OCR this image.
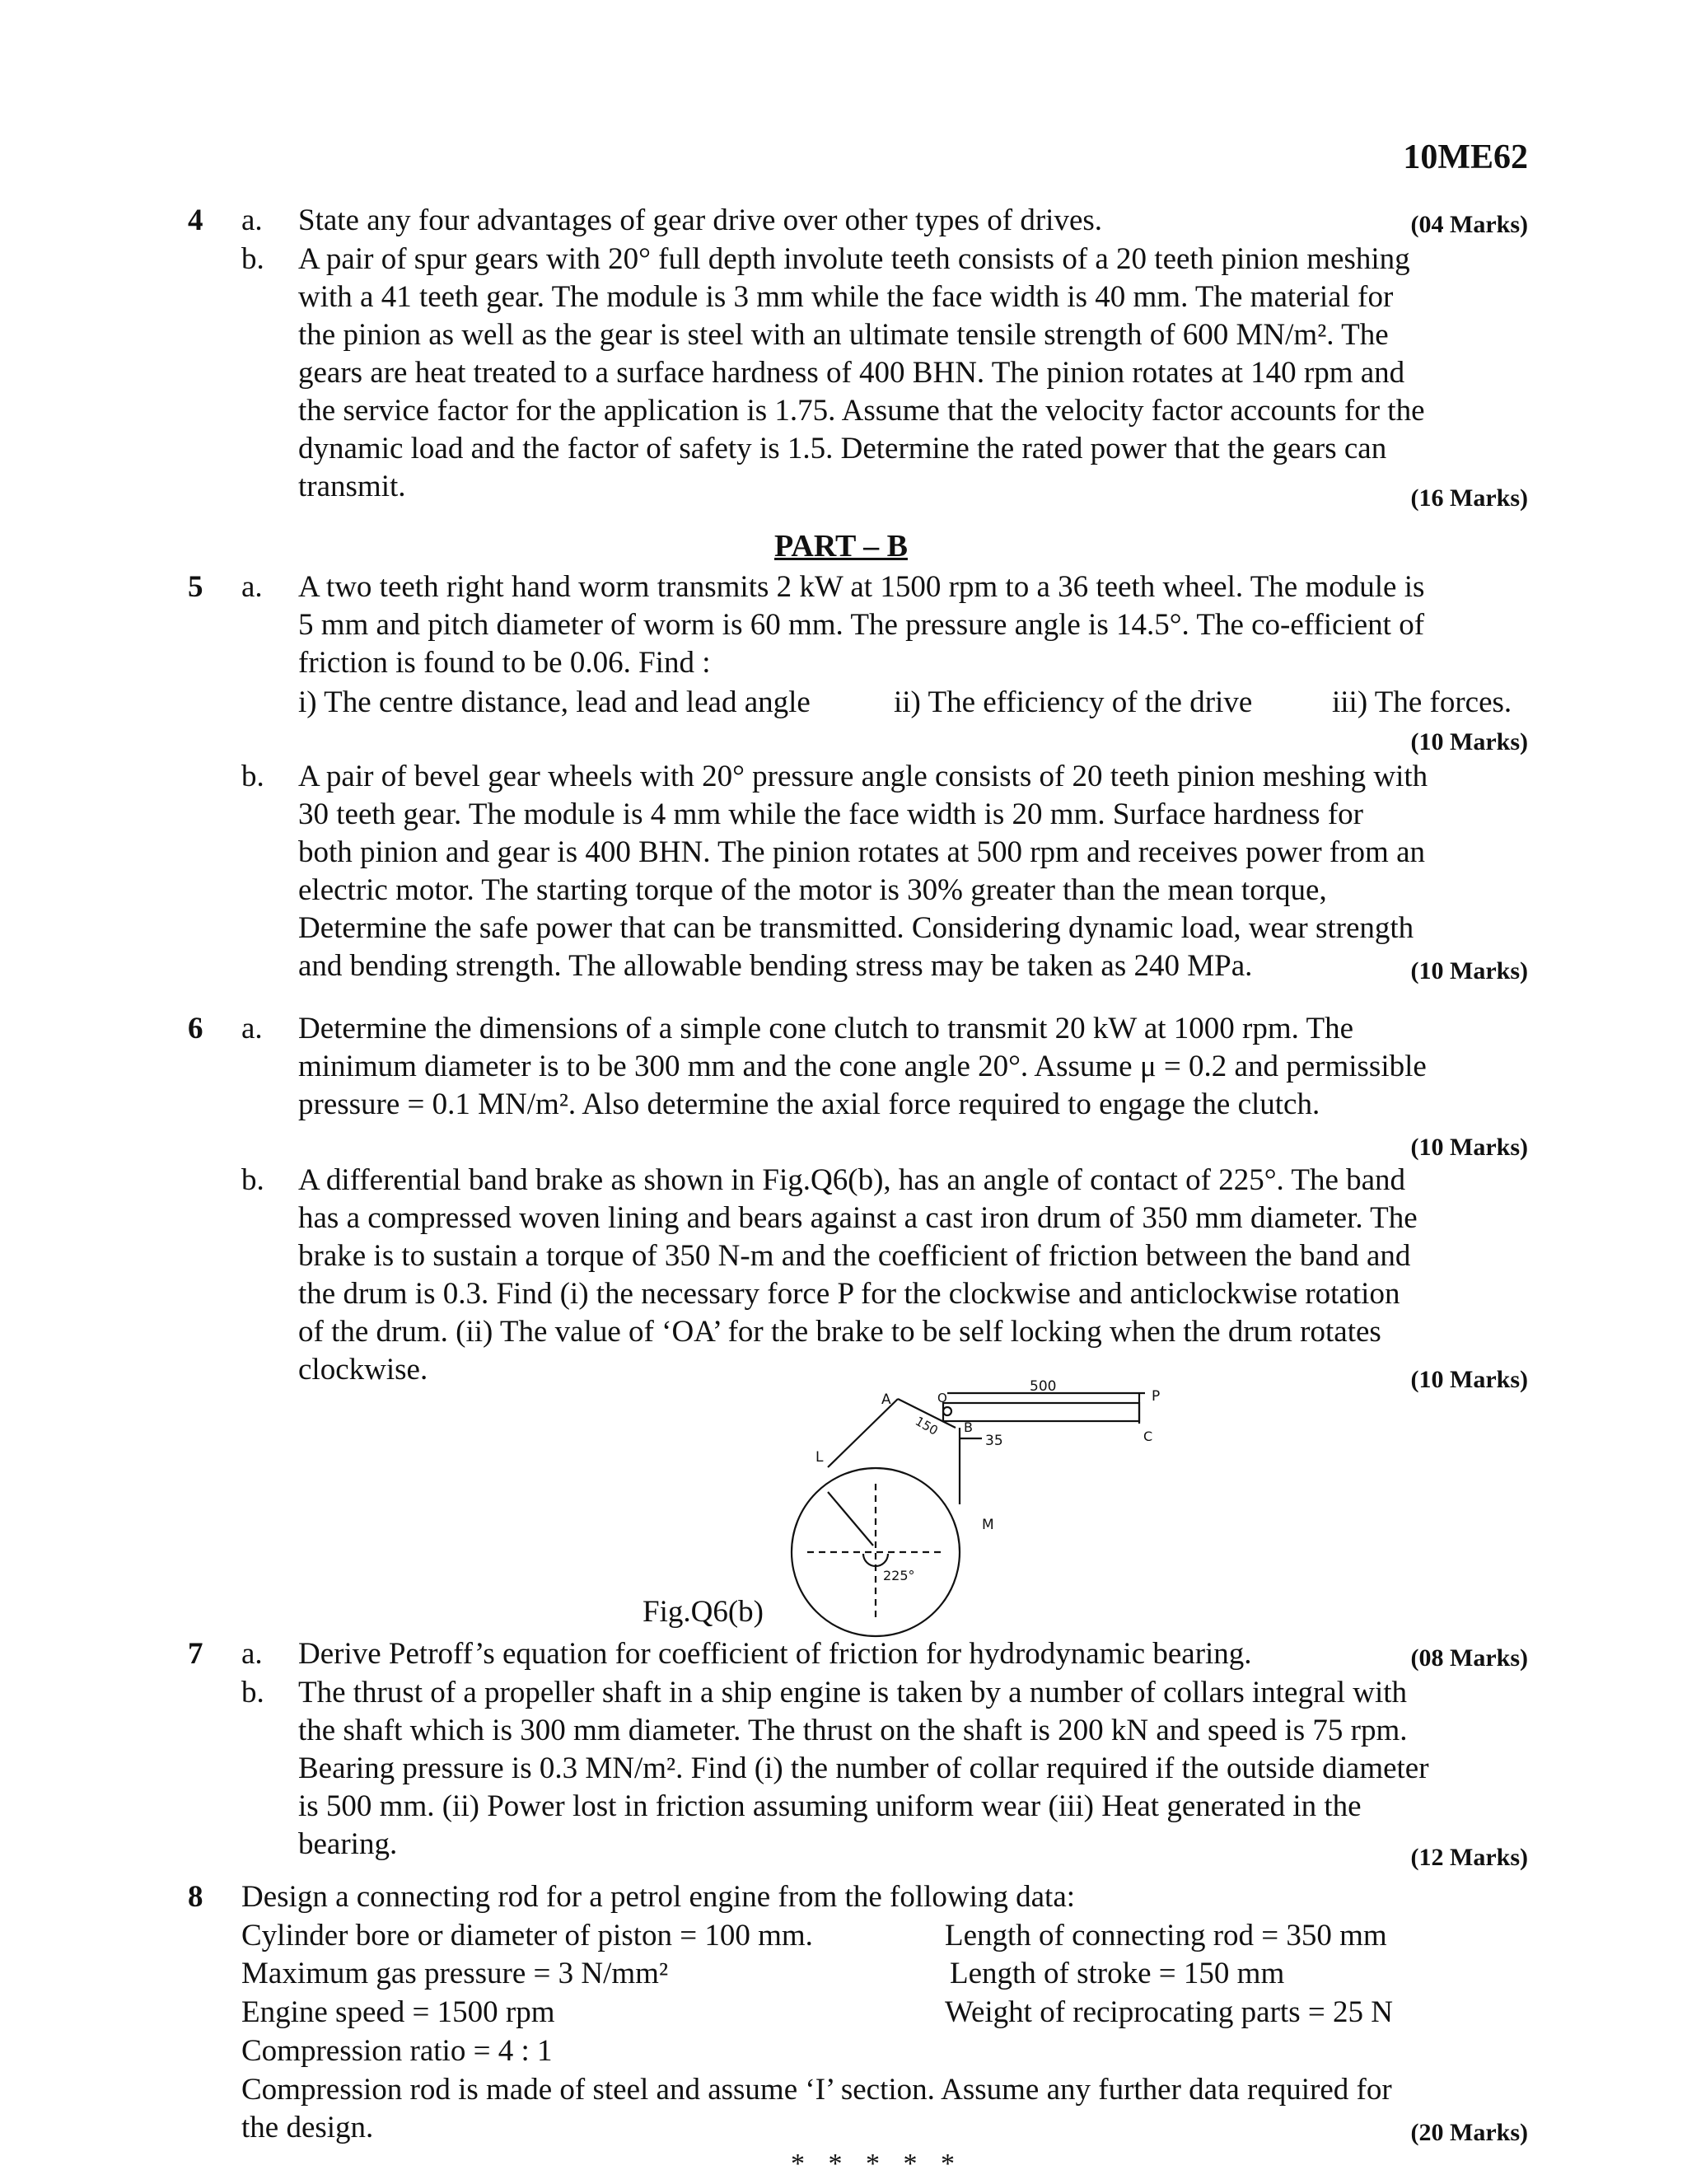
10ME62
4 a. State any four advantages of gear drive over other types of drives.	(04 Marks)
b. A pair of spur gears with 20° full depth involute teeth consists of a 20 teeth pinion meshing
with a 41 teeth gear. The module is 3 mm while the face width is 40 mm. The material for
the pinion as well as the gear is steel with an ultimate tensile strength of 600 MN/m². The
gears are heat treated to a surface hardness of 400 BHN. The pinion rotates at 140 rpm and
the service factor for the application is 1.75. Assume that the velocity factor accounts for the
dynamic load and the factor of safety is 1.5. Determine the rated power that the gears can
transmit.	(16 Marks)
PART – B
5 a. A two teeth right hand worm transmits 2 kW at 1500 rpm to a 36 teeth wheel. The module is
5 mm and pitch diameter of worm is 60 mm. The pressure angle is 14.5°. The co-efficient of
friction is found to be 0.06. Find :
i) The centre distance, lead and lead angle	ii) The efficiency of the drive	iii) The forces.
(10 Marks)
b. A pair of bevel gear wheels with 20° pressure angle consists of 20 teeth pinion meshing with
30 teeth gear. The module is 4 mm while the face width is 20 mm. Surface hardness for
both pinion and gear is 400 BHN. The pinion rotates at 500 rpm and receives power from an
electric motor. The starting torque of the motor is 30% greater than the mean torque,
Determine the safe power that can be transmitted. Considering dynamic load, wear strength
and bending strength. The allowable bending stress may be taken as 240 MPa.	(10 Marks)
6 a. Determine the dimensions of a simple cone clutch to transmit 20 kW at 1000 rpm. The
minimum diameter is to be 300 mm and the cone angle 20°. Assume μ = 0.2 and permissible
pressure = 0.1 MN/m². Also determine the axial force required to engage the clutch.
(10 Marks)
b. A differential band brake as shown in Fig.Q6(b), has an angle of contact of 225°. The band
has a compressed woven lining and bears against a cast iron drum of 350 mm diameter. The
brake is to sustain a torque of 350 N-m and the coefficient of friction between the band and
the drum is 0.3. Find (i) the necessary force P for the clockwise and anticlockwise rotation
of the drum. (ii) The value of ‘OA’ for the brake to be self locking when the drum rotates
clockwise.	(10 Marks)
A	O
150
500
P
B
C
35
L
M
225°
Fig.Q6(b)
7 a. Derive Petroff’s equation for coefficient of friction for hydrodynamic bearing.	(08 Marks)
b. The thrust of a propeller shaft in a ship engine is taken by a number of collars integral with
the shaft which is 300 mm diameter. The thrust on the shaft is 200 kN and speed is 75 rpm.
Bearing pressure is 0.3 MN/m². Find (i) the number of collar required if the outside diameter
is 500 mm. (ii) Power lost in friction assuming uniform wear (iii) Heat generated in the
bearing.	(12 Marks)
8 Design a connecting rod for a petrol engine from the following data:
Cylinder bore or diameter of piston = 100 mm.	Length of connecting rod = 350 mm
Maximum gas pressure = 3 N/mm²	Length of stroke = 150 mm
Engine speed = 1500 rpm	Weight of reciprocating parts = 25 N
Compression ratio = 4 : 1
Compression rod is made of steel and assume ‘I’ section. Assume any further data required for
the design.	(20 Marks)
* * * * *
